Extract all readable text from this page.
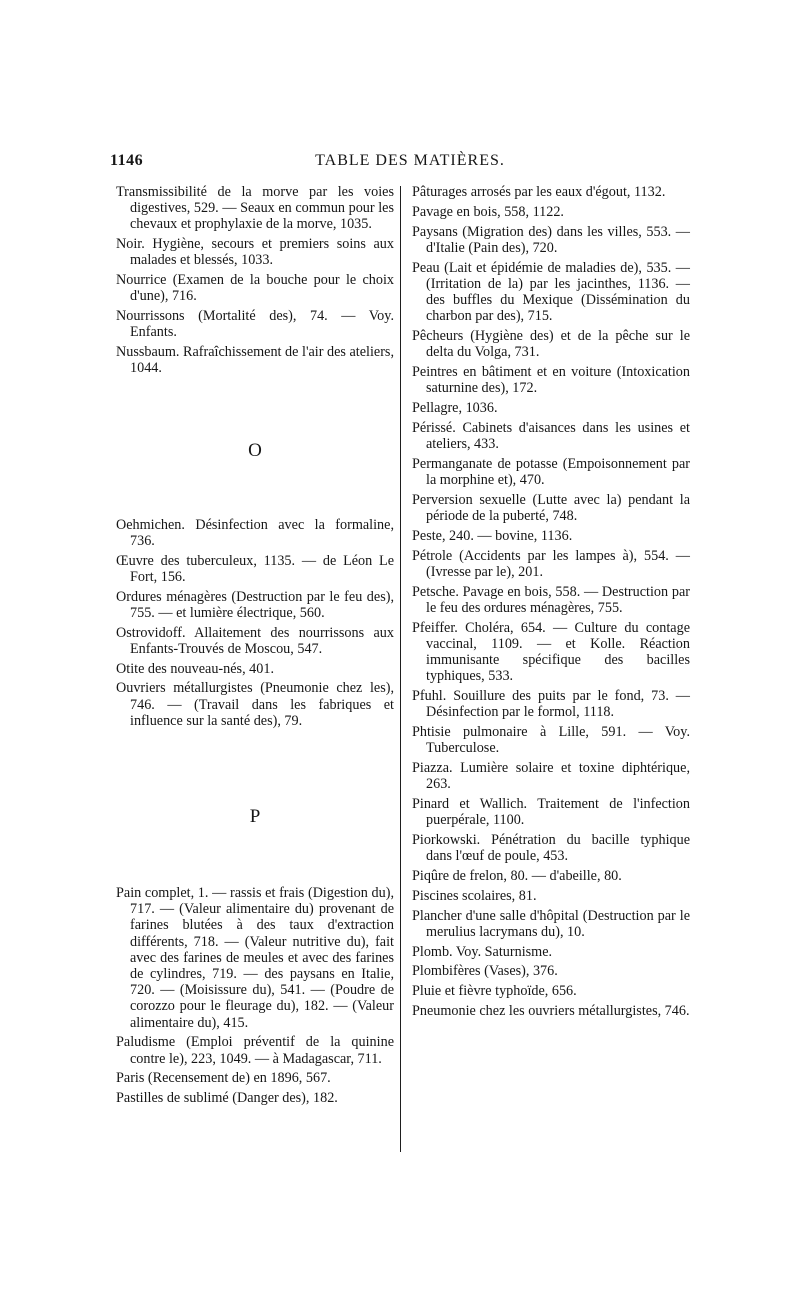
1146	TABLE DES MATIÈRES.

Transmissibilité de la morve par les voies digestives, 529. — Seaux en commun pour les chevaux et prophylaxie de la morve, 1035.

Noir. Hygiène, secours et premiers soins aux malades et blessés, 1033.

Nourrice (Examen de la bouche pour le choix d'une), 716.

Nourrissons (Mortalité des), 74. — Voy. Enfants.

Nussbaum. Rafraîchissement de l'air des ateliers, 1044.

O

Oehmichen. Désinfection avec la formaline, 736.

Œuvre des tuberculeux, 1135. — de Léon Le Fort, 156.

Ordures ménagères (Destruction par le feu des), 755. — et lumière électrique, 560.

Ostrovidoff. Allaitement des nourrissons aux Enfants-Trouvés de Moscou, 547.

Otite des nouveau-nés, 401.

Ouvriers métallurgistes (Pneumonie chez les), 746. — (Travail dans les fabriques et influence sur la santé des), 79.

P

Pain complet, 1. — rassis et frais (Digestion du), 717. — (Valeur alimentaire du) provenant de farines blutées à des taux d'extraction différents, 718. — (Valeur nutritive du), fait avec des farines de meules et avec des farines de cylindres, 719. — des paysans en Italie, 720. — (Moisissure du), 541. — (Poudre de corozzo pour le fleurage du), 182. — (Valeur alimentaire du), 415.

Paludisme (Emploi préventif de la quinine contre le), 223, 1049. — à Madagascar, 711.

Paris (Recensement de) en 1896, 567.

Pastilles de sublimé (Danger des), 182.

Pâturages arrosés par les eaux d'égout, 1132.

Pavage en bois, 558, 1122.

Paysans (Migration des) dans les villes, 553. — d'Italie (Pain des), 720.

Peau (Lait et épidémie de maladies de), 535. — (Irritation de la) par les jacinthes, 1136. — des buffles du Mexique (Dissémination du charbon par des), 715.

Pêcheurs (Hygiène des) et de la pêche sur le delta du Volga, 731.

Peintres en bâtiment et en voiture (Intoxication saturnine des), 172.

Pellagre, 1036.

Périssé. Cabinets d'aisances dans les usines et ateliers, 433.

Permanganate de potasse (Empoisonnement par la morphine et), 470.

Perversion sexuelle (Lutte avec la) pendant la période de la puberté, 748.

Peste, 240. — bovine, 1136.

Pétrole (Accidents par les lampes à), 554. — (Ivresse par le), 201.

Petsche. Pavage en bois, 558. — Destruction par le feu des ordures ménagères, 755.

Pfeiffer. Choléra, 654. — Culture du contage vaccinal, 1109. — et Kolle. Réaction immunisante spécifique des bacilles typhiques, 533.

Pfuhl. Souillure des puits par le fond, 73. — Désinfection par le formol, 1118.

Phtisie pulmonaire à Lille, 591. — Voy. Tuberculose.

Piazza. Lumière solaire et toxine diphtérique, 263.

Pinard et Wallich. Traitement de l'infection puerpérale, 1100.

Piorkowski. Pénétration du bacille typhique dans l'œuf de poule, 453.

Piqûre de frelon, 80. — d'abeille, 80.

Piscines scolaires, 81.

Plancher d'une salle d'hôpital (Destruction par le merulius lacrymans du), 10.

Plomb. Voy. Saturnisme.

Plombifères (Vases), 376.

Pluie et fièvre typhoïde, 656.

Pneumonie chez les ouvriers métallurgistes, 746.
